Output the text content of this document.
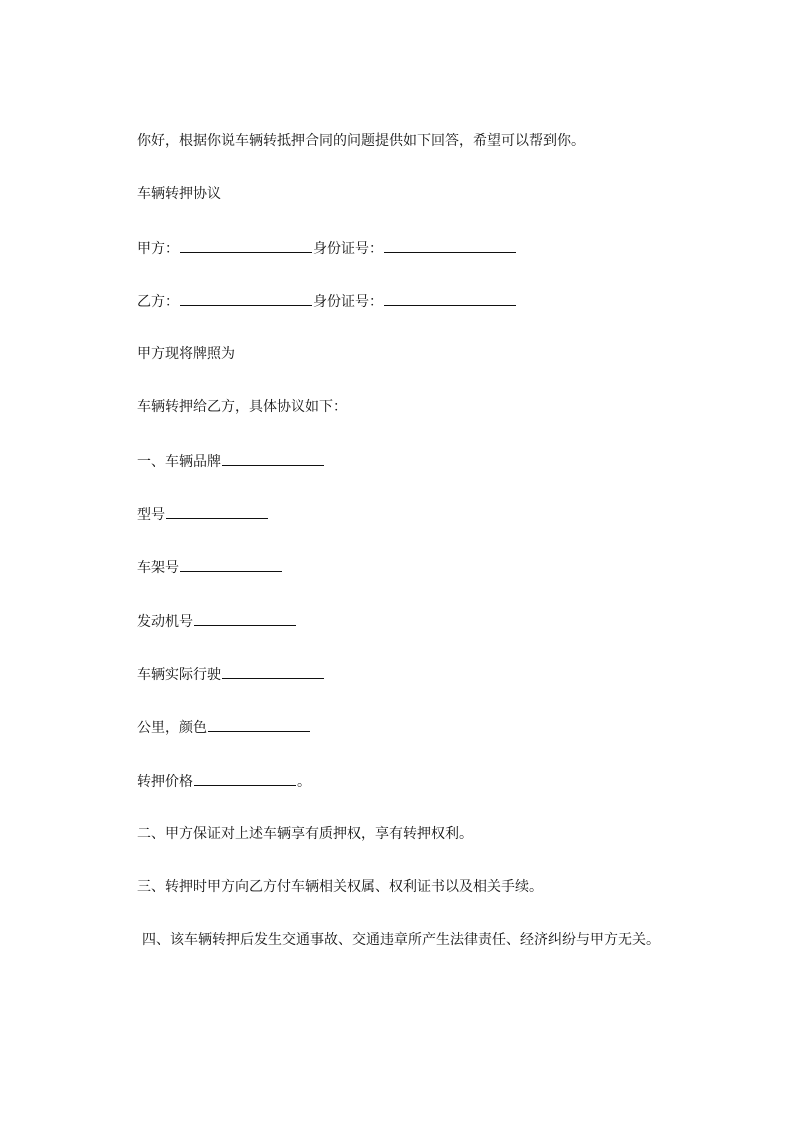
你好，根据你说车辆转抵押合同的问题提供如下回答，希望可以帮到你。
车辆转押协议
甲方：	身份证号：
乙方：	身份证号：
甲方现将牌照为
车辆转押给乙方，具体协议如下：
一、车辆品牌
型号
车架号
发动机号
车辆实际行驶
公里，颜色
转押价格	。
二、甲方保证对上述车辆享有质押权，享有转押权利。
三、转押时甲方向乙方付车辆相关权属、权利证书以及相关手续。
四、该车辆转押后发生交通事故、交通违章所产生法律责任、经济纠纷与甲方无关。
